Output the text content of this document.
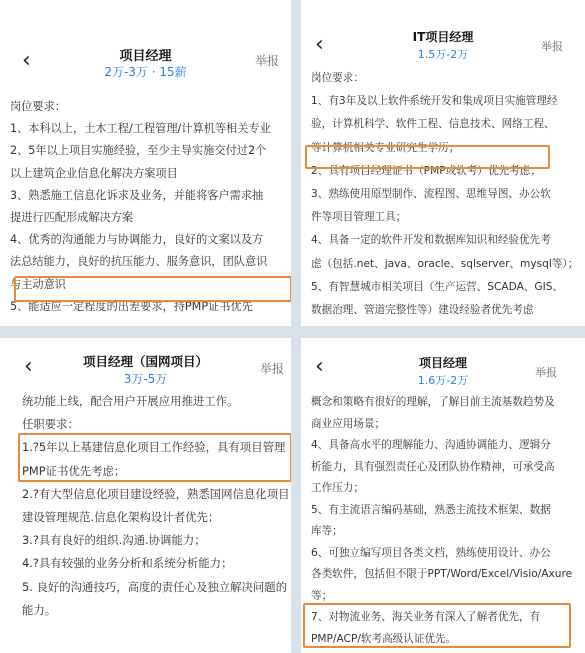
‹	项目经理
2万-3万 · 15薪
举报
岗位要求：
1、本科以上，土木工程/工程管理/计算机等相关专业
2、5年以上项目实施经验，至少主导实施交付过2个
以上建筑企业信息化解决方案项目
3、熟悉施工信息化诉求及业务，并能将客户需求抽
提进行匹配形成解决方案
4、优秀的沟通能力与协调能力，良好的文案以及方
法总结能力，良好的抗压能力、服务意识，团队意识
与主动意识
5、能适应一定程度的出差要求，持PMP证书优先
‹	IT项目经理
1.5万-2万
举报
岗位要求：
1、有3年及以上软件系统开发和集成项目实施管理经
验，计算机科学、软件工程、信息技术、网络工程、
等计算机相关专业研究生学历；
2、具有项目经理证书（PMP或软考）优先考虑；
3、熟练使用原型制作、流程图、思维导图、办公软
件等项目管理工具；
4、具备一定的软件开发和数据库知识和经验优先考
虑（包括.net、java、oracle、sqlserver、mysql等）；
5、有智慧城市相关项目（生产运营、SCADA、GIS、
数据治理、管道完整性等）建设经验者优先考虑
‹	项目经理（国网项目）
3万-5万
举报
统功能上线，配合用户开展应用推进工作。
任职要求：
1.?5年以上基建信息化项目工作经验，具有项目管理
PMP证书优先考虑；
2.?有大型信息化项目建设经验，熟悉国网信息化项目
建设管理规范.信息化架构设计者优先；
3.?具有良好的组织.沟通.协调能力；
4.?具有较强的业务分析和系统分析能力；
5. 良好的沟通技巧，高度的责任心及独立解决问题的
能力。
‹	项目经理
1.6万-2万
举报
概念和策略有很好的理解，了解目前主流基数趋势及
商业应用场景；
4、具备高水平的理解能力、沟通协调能力、逻辑分
析能力，具有强烈责任心及团队协作精神，可承受高
工作压力；
5、有主流语言编码基础，熟悉主流技术框架、数据
库等；
6、可独立编写项目各类文档，熟练使用设计、办公
各类软件，包括但不限于PPT/Word/Excel/Visio/Axure
等；
7、对物流业务、海关业务有深入了解者优先，有
PMP/ACP/软考高级认证优先。
